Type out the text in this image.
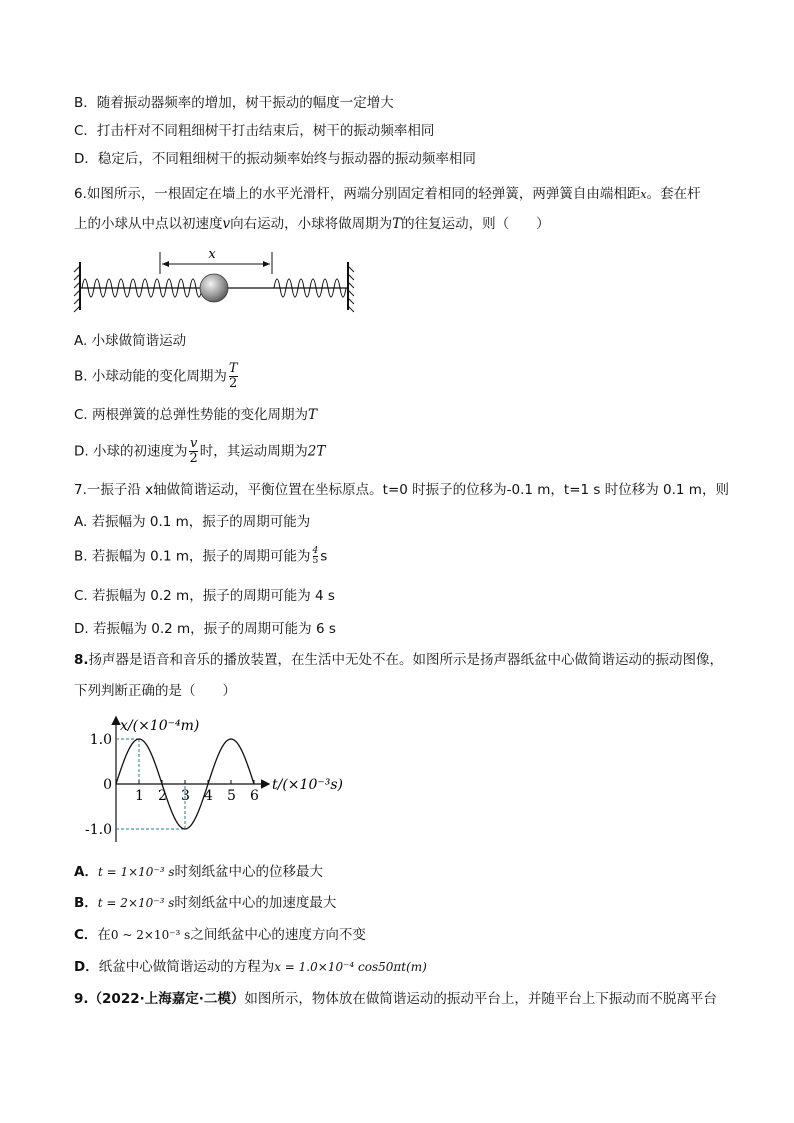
B．随着振动器频率的增加，树干振动的幅度一定增大
C．打击杆对不同粗细树干打击结束后，树干的振动频率相同
D．稳定后，不同粗细树干的振动频率始终与振动器的振动频率相同
6.如图所示，一根固定在墙上的水平光滑杆，两端分别固定着相同的轻弹簧，两弹簧自由端相距x。套在杆
上的小球从中点以初速度v向右运动，小球将做周期为T的往复运动，则（　　）
x
A. 小球做简谐运动
B. 小球动能的变化周期为 $\frac{T}{2}$
C. 两根弹簧的总弹性势能的变化周期为T
D. 小球的初速度为 $\frac{v}{2}$ 时，其运动周期为2T
7.一振子沿 x轴做简谐运动，平衡位置在坐标原点。t=0 时振子的位移为-0.1 m，t=1 s 时位移为 0.1 m，则
A. 若振幅为 0.1 m，振子的周期可能为
B. 若振幅为 0.1 m，振子的周期可能为 $\frac{4}{5}$ s
C. 若振幅为 0.2 m，振子的周期可能为 4 s
D. 若振幅为 0.2 m，振子的周期可能为 6 s
8.扬声器是语音和音乐的播放装置，在生活中无处不在。如图所示是扬声器纸盆中心做简谐运动的振动图像，
下列判断正确的是（　　）
x/(×10⁻⁴m)
t/(×10⁻³s)
1 2 3 4 5 6
1.0
0
-1.0
A．t = 1×10⁻³ s时刻纸盆中心的位移最大
B．t = 2×10⁻³ s时刻纸盆中心的加速度最大
C．在0 ~ 2×10⁻³ s之间纸盆中心的速度方向不变
D．纸盆中心做简谐运动的方程为x = 1.0×10⁻⁴ cos50πt(m)
9.（2022·上海嘉定·二模）如图所示，物体放在做简谐运动的振动平台上，并随平台上下振动而不脱离平台
